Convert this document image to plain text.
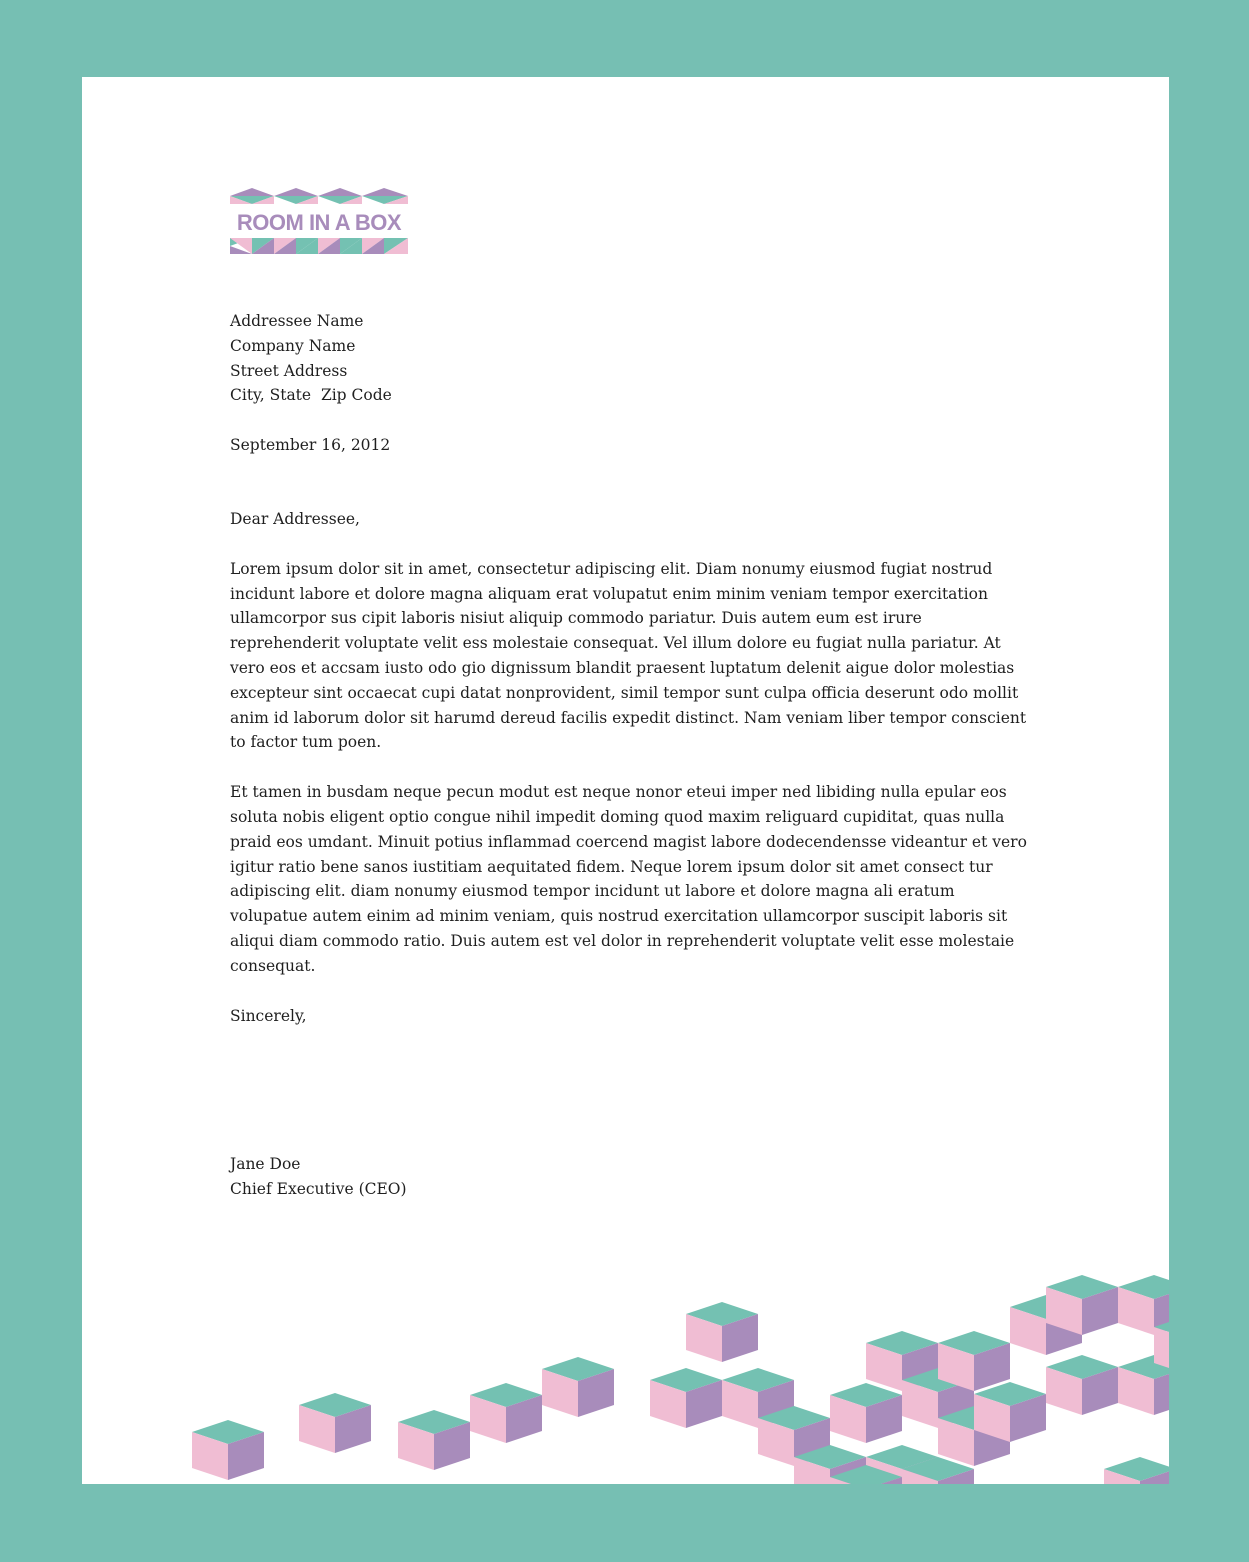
ROOM IN A BOX

Addressee Name
Company Name
Street Address
City, State  Zip Code

September 16, 2012

Dear Addressee,

Lorem ipsum dolor sit in amet, consectetur adipiscing elit. Diam nonumy eiusmod fugiat nostrud incidunt labore et dolore magna aliquam erat volupatut enim minim veniam tempor exercitation ullamcorpor sus cipit laboris nisiut aliquip commodo pariatur. Duis autem eum est irure reprehenderit voluptate velit ess molestaie consequat. Vel illum dolore eu fugiat nulla pariatur. At vero eos et accsam iusto odo gio dignissum blandit praesent luptatum delenit aigue dolor molestias excepteur sint occaecat cupi datat nonprovident, simil tempor sunt culpa officia deserunt odo mollit anim id laborum dolor sit harumd dereud facilis expedit distinct. Nam veniam liber tempor conscient to factor tum poen.

Et tamen in busdam neque pecun modut est neque nonor eteui imper ned libiding nulla epular eos soluta nobis eligent optio congue nihil impedit doming quod maxim religuard cupiditat, quas nulla praid eos umdant. Minuit potius inflammad coercend magist labore dodecendensse videantur et vero igitur ratio bene sanos iustitiam aequitated fidem. Neque lorem ipsum dolor sit amet consect tur adipiscing elit. diam nonumy eiusmod tempor incidunt ut labore et dolore magna ali eratum volupatue autem einim ad minim veniam, quis nostrud exercitation ullamcorpor suscipit laboris sit aliqui diam commodo ratio. Duis autem est vel dolor in reprehenderit voluptate velit esse molestaie consequat.

Sincerely,

Jane Doe
Chief Executive (CEO)
